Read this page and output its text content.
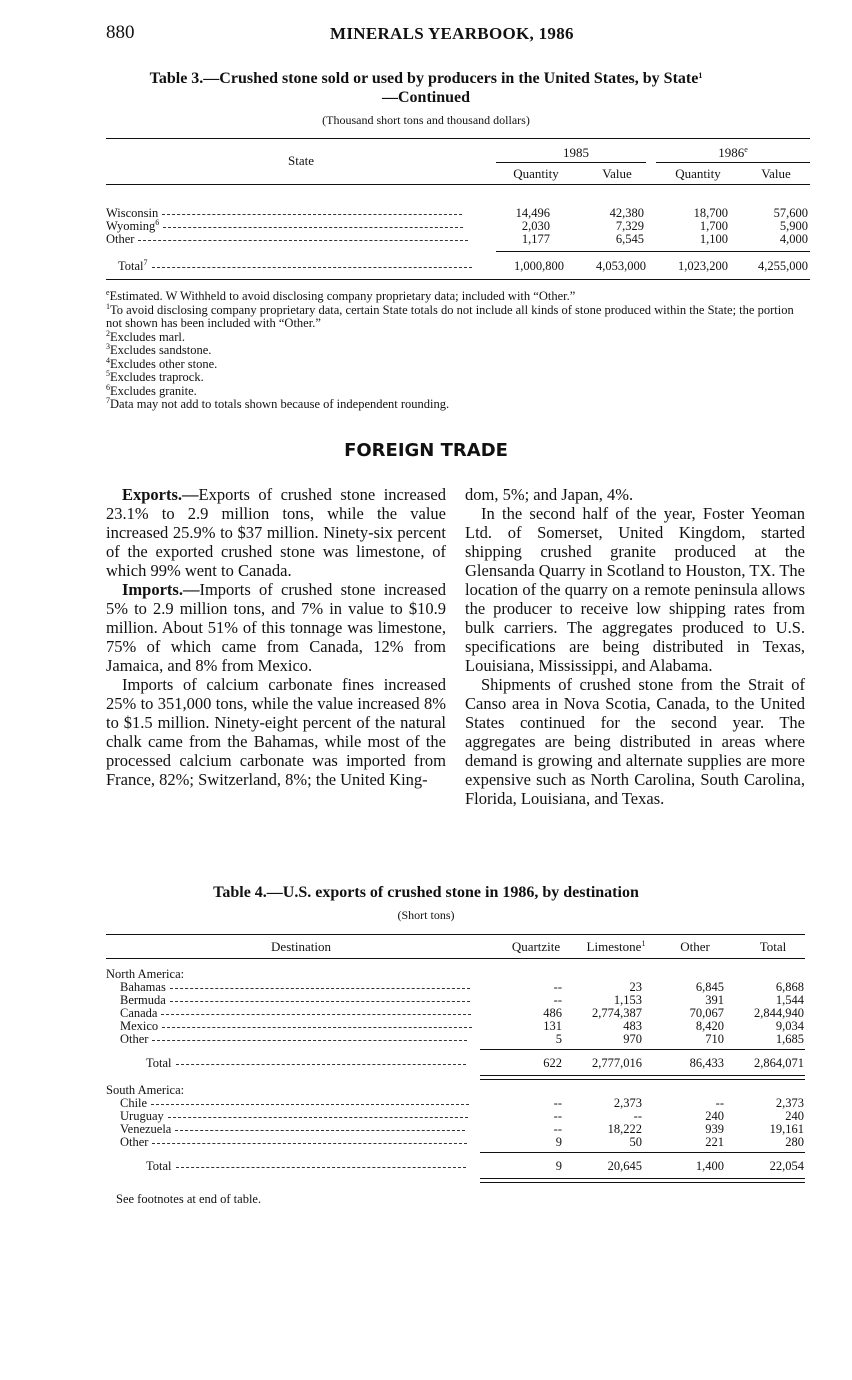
880	MINERALS YEARBOOK, 1986
Table 3.—Crushed stone sold or used by producers in the United States, by State$^1$
—Continued
(Thousand short tons and thousand dollars)
State
1985	1986e
Quantity	Value	Quantity	Value
Wisconsin	14,496	42,380	18,700	57,600
Wyoming$^6$	2,030	7,329	1,700	5,900
Other	1,177	6,545	1,100	4,000
Total$^7$	1,000,800	4,053,000	1,023,200	4,255,000
$^e$Estimated. W Withheld to avoid disclosing company proprietary data; included with “Other.”
$^1$To avoid disclosing company proprietary data, certain State totals do not include all kinds of stone produced within the State; the portion not shown has been included with “Other.”
$^2$Excludes marl.
$^3$Excludes sandstone.
$^4$Excludes other stone.
$^5$Excludes traprock.
$^6$Excludes granite.
$^7$Data may not add to totals shown because of independent rounding.
FOREIGN TRADE

Exports.—Exports of crushed stone increased 23.1% to 2.9 million tons, while the value increased 25.9% to $37 million. Ninety-six percent of the exported crushed stone was limestone, of which 99% went to Canada.

Imports.—Imports of crushed stone increased 5% to 2.9 million tons, and 7% in value to $10.9 million. About 51% of this tonnage was limestone, 75% of which came from Canada, 12% from Jamaica, and 8% from Mexico.

Imports of calcium carbonate fines increased 25% to 351,000 tons, while the value increased 8% to $1.5 million. Ninety-eight percent of the natural chalk came from the Bahamas, while most of the processed calcium carbonate was imported from France, 82%; Switzerland, 8%; the United King-

dom, 5%; and Japan, 4%.

In the second half of the year, Foster Yeoman Ltd. of Somerset, United Kingdom, started shipping crushed granite produced at the Glensanda Quarry in Scotland to Houston, TX. The location of the quarry on a remote peninsula allows the producer to receive low shipping rates from bulk carriers. The aggregates produced to U.S. specifications are being distributed in Texas, Louisiana, Mississippi, and Alabama.

Shipments of crushed stone from the Strait of Canso area in Nova Scotia, Canada, to the United States continued for the second year. The aggregates are being distributed in areas where demand is growing and alternate supplies are more expensive such as North Carolina, South Carolina, Florida, Louisiana, and Texas.

Table 4.—U.S. exports of crushed stone in 1986, by destination
(Short tons)
Destination	Quartzite	Limestone$^1$	Other	Total
North America:
Bahamas	--	23	6,845	6,868
Bermuda	--	1,153	391	1,544
Canada	486	2,774,387	70,067	2,844,940
Mexico	131	483	8,420	9,034
Other	5	970	710	1,685
Total	622	2,777,016	86,433	2,864,071
South America:
Chile	--	2,373	--	2,373
Uruguay	--	--	240	240
Venezuela	--	18,222	939	19,161
Other	9	50	221	280
Total	9	20,645	1,400	22,054
See footnotes at end of table.
